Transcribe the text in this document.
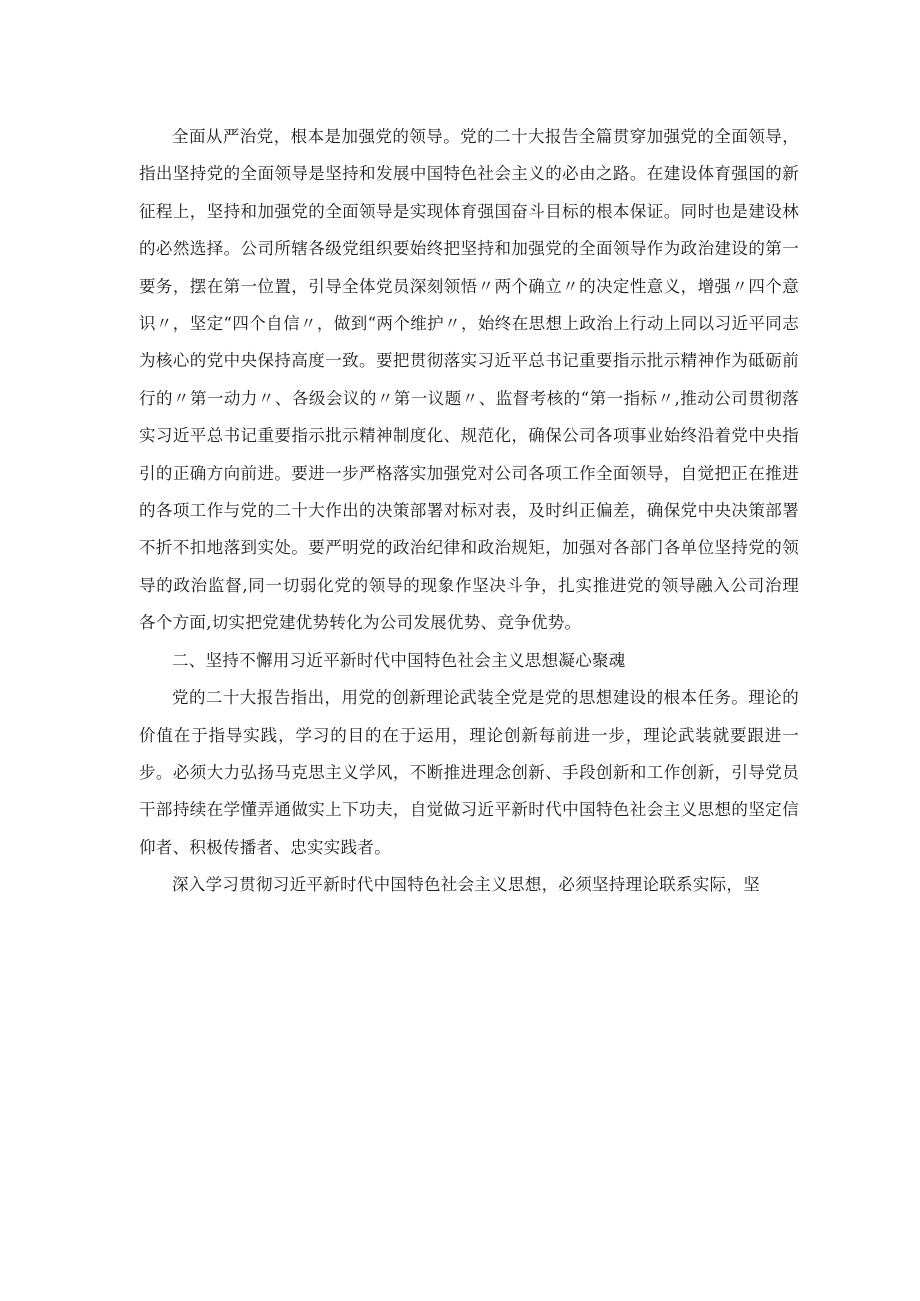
全面从严治党，根本是加强党的领导。党的二十大报告全篇贯穿加强党的全面领导，指出坚持党的全面领导是坚持和发展中国特色社会主义的必由之路。在建设体育强国的新征程上，坚持和加强党的全面领导是实现体育强国奋斗目标的根本保证。同时也是建设林的必然选择。公司所辖各级党组织要始终把坚持和加强党的全面领导作为政治建设的第一要务，摆在第一位置，引导全体党员深刻领悟〃两个确立〃的决定性意义，增强〃四个意识〃，坚定“四个自信〃，做到“两个维护〃，始终在思想上政治上行动上同以习近平同志为核心的党中央保持高度一致。要把贯彻落实习近平总书记重要指示批示精神作为砥砺前行的〃第一动力〃、各级会议的〃第一议题〃、监督考核的“第一指标〃,推动公司贯彻落实习近平总书记重要指示批示精神制度化、规范化，确保公司各项事业始终沿着党中央指引的正确方向前进。要进一步严格落实加强党对公司各项工作全面领导，自觉把正在推进的各项工作与党的二十大作出的决策部署对标对表，及时纠正偏差，确保党中央决策部署不折不扣地落到实处。要严明党的政治纪律和政治规矩，加强对各部门各单位坚持党的领导的政治监督,同一切弱化党的领导的现象作坚决斗争，扎实推进党的领导融入公司治理各个方面,切实把党建优势转化为公司发展优势、竞争优势。

二、坚持不懈用习近平新时代中国特色社会主义思想凝心聚魂

党的二十大报告指出，用党的创新理论武装全党是党的思想建设的根本任务。理论的价值在于指导实践，学习的目的在于运用，理论创新每前进一步，理论武装就要跟进一步。必须大力弘扬马克思主义学风，不断推进理念创新、手段创新和工作创新，引导党员干部持续在学懂弄通做实上下功夫，自觉做习近平新时代中国特色社会主义思想的坚定信仰者、积极传播者、忠实实践者。

深入学习贯彻习近平新时代中国特色社会主义思想，必须坚持理论联系实际，坚
